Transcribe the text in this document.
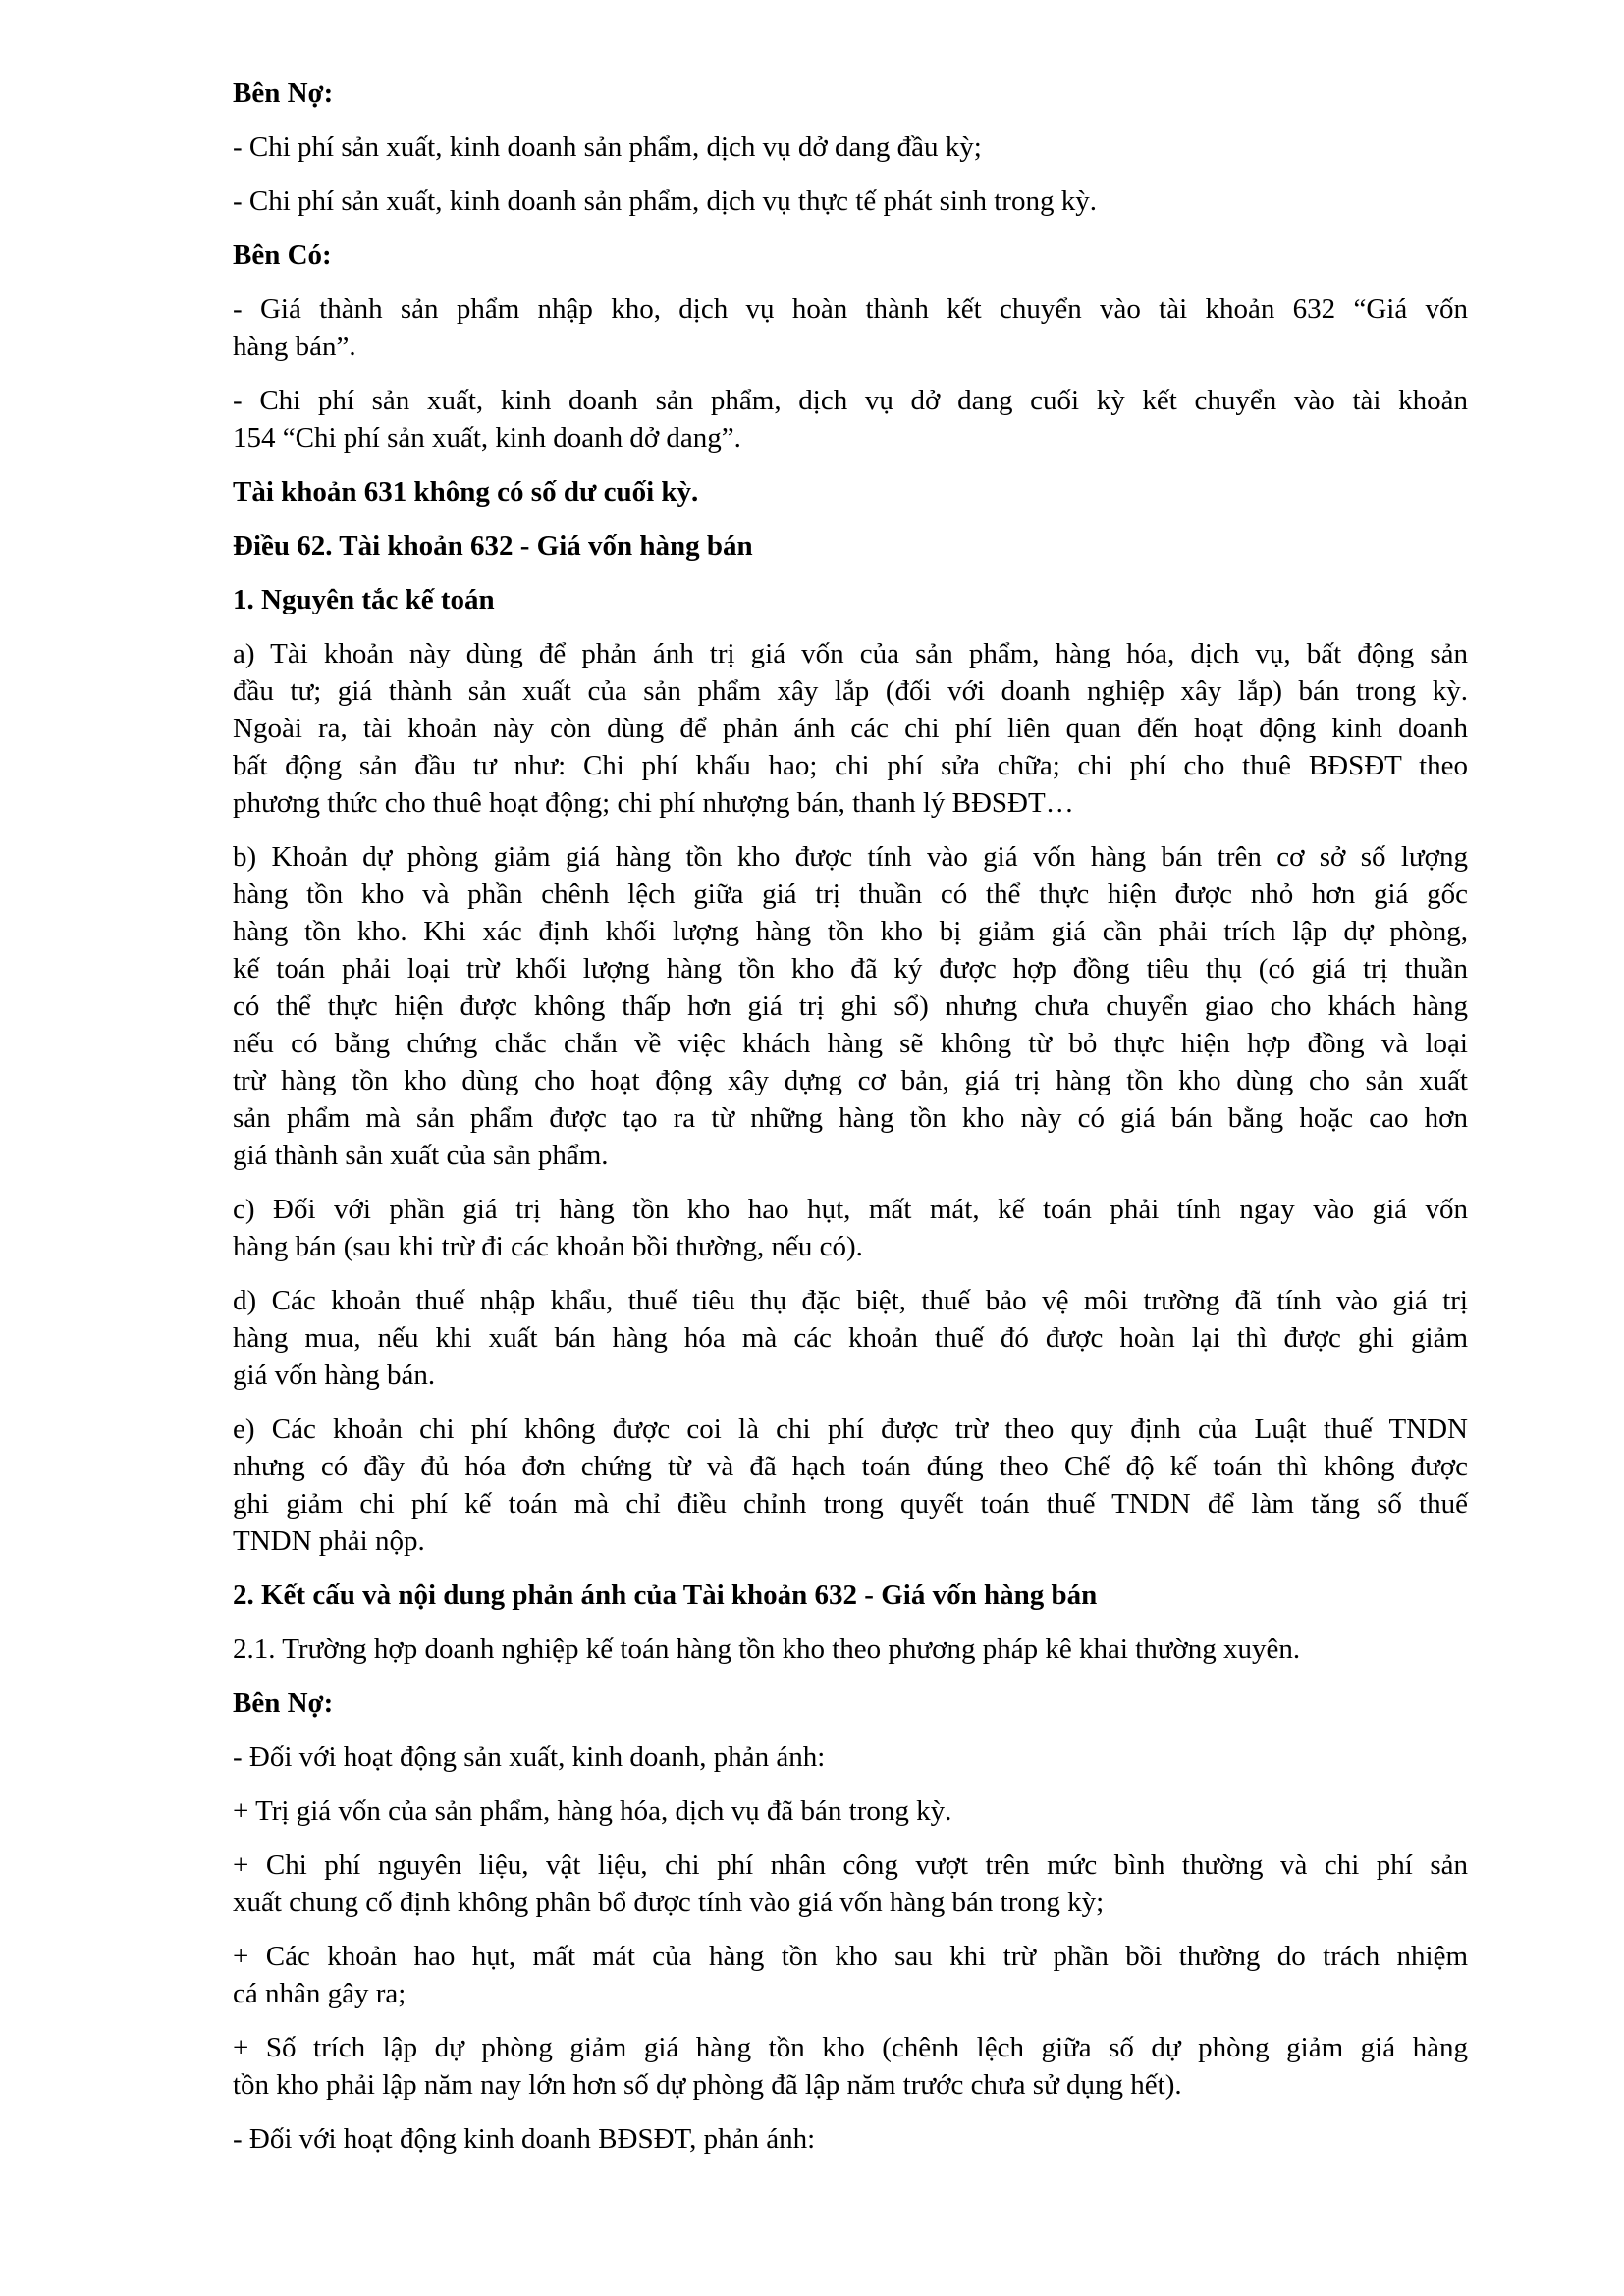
Bên Nợ:

- Chi phí sản xuất, kinh doanh sản phẩm, dịch vụ dở dang đầu kỳ;

- Chi phí sản xuất, kinh doanh sản phẩm, dịch vụ thực tế phát sinh trong kỳ.

Bên Có:

- Giá thành sản phẩm nhập kho, dịch vụ hoàn thành kết chuyển vào tài khoản 632 “Giá vốn
hàng bán”.

- Chi phí sản xuất, kinh doanh sản phẩm, dịch vụ dở dang cuối kỳ kết chuyển vào tài khoản
154 “Chi phí sản xuất, kinh doanh dở dang”.

Tài khoản 631 không có số dư cuối kỳ.

Điều 62. Tài khoản 632 - Giá vốn hàng bán

1. Nguyên tắc kế toán

a) Tài khoản này dùng để phản ánh trị giá vốn của sản phẩm, hàng hóa, dịch vụ, bất động sản
đầu tư; giá thành sản xuất của sản phẩm xây lắp (đối với doanh nghiệp xây lắp) bán trong kỳ.
Ngoài ra, tài khoản này còn dùng để phản ánh các chi phí liên quan đến hoạt động kinh doanh
bất động sản đầu tư như: Chi phí khấu hao; chi phí sửa chữa; chi phí cho thuê BĐSĐT theo
phương thức cho thuê hoạt động; chi phí nhượng bán, thanh lý BĐSĐT…

b) Khoản dự phòng giảm giá hàng tồn kho được tính vào giá vốn hàng bán trên cơ sở số lượng
hàng tồn kho và phần chênh lệch giữa giá trị thuần có thể thực hiện được nhỏ hơn giá gốc
hàng tồn kho. Khi xác định khối lượng hàng tồn kho bị giảm giá cần phải trích lập dự phòng,
kế toán phải loại trừ khối lượng hàng tồn kho đã ký được hợp đồng tiêu thụ (có giá trị thuần
có thể thực hiện được không thấp hơn giá trị ghi sổ) nhưng chưa chuyển giao cho khách hàng
nếu có bằng chứng chắc chắn về việc khách hàng sẽ không từ bỏ thực hiện hợp đồng và loại
trừ hàng tồn kho dùng cho hoạt động xây dựng cơ bản, giá trị hàng tồn kho dùng cho sản xuất
sản phẩm mà sản phẩm được tạo ra từ những hàng tồn kho này có giá bán bằng hoặc cao hơn
giá thành sản xuất của sản phẩm.

c) Đối với phần giá trị hàng tồn kho hao hụt, mất mát, kế toán phải tính ngay vào giá vốn
hàng bán (sau khi trừ đi các khoản bồi thường, nếu có).

d) Các khoản thuế nhập khẩu, thuế tiêu thụ đặc biệt, thuế bảo vệ môi trường đã tính vào giá trị
hàng mua, nếu khi xuất bán hàng hóa mà các khoản thuế đó được hoàn lại thì được ghi giảm
giá vốn hàng bán.

e) Các khoản chi phí không được coi là chi phí được trừ theo quy định của Luật thuế TNDN
nhưng có đầy đủ hóa đơn chứng từ và đã hạch toán đúng theo Chế độ kế toán thì không được
ghi giảm chi phí kế toán mà chỉ điều chỉnh trong quyết toán thuế TNDN để làm tăng số thuế
TNDN phải nộp.

2. Kết cấu và nội dung phản ánh của Tài khoản 632 - Giá vốn hàng bán

2.1. Trường hợp doanh nghiệp kế toán hàng tồn kho theo phương pháp kê khai thường xuyên.

Bên Nợ:

- Đối với hoạt động sản xuất, kinh doanh, phản ánh:

+ Trị giá vốn của sản phẩm, hàng hóa, dịch vụ đã bán trong kỳ.

+ Chi phí nguyên liệu, vật liệu, chi phí nhân công vượt trên mức bình thường và chi phí sản
xuất chung cố định không phân bổ được tính vào giá vốn hàng bán trong kỳ;

+ Các khoản hao hụt, mất mát của hàng tồn kho sau khi trừ phần bồi thường do trách nhiệm
cá nhân gây ra;

+ Số trích lập dự phòng giảm giá hàng tồn kho (chênh lệch giữa số dự phòng giảm giá hàng
tồn kho phải lập năm nay lớn hơn số dự phòng đã lập năm trước chưa sử dụng hết).

- Đối với hoạt động kinh doanh BĐSĐT, phản ánh:
